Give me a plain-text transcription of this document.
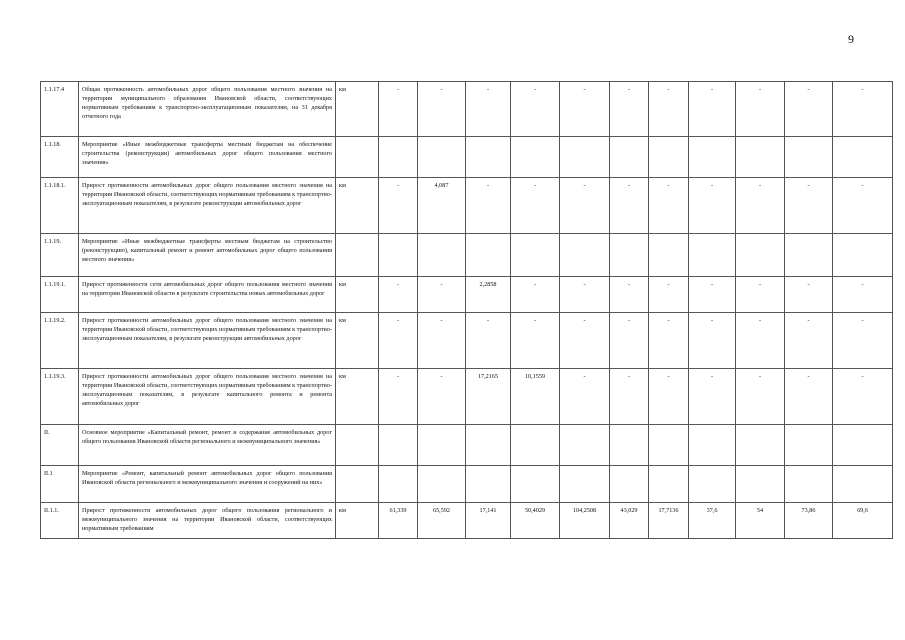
9
1.1.17.4	Общая протяженность автомобильных дорог общего пользования местного значения на территории муниципального образования Ивановской области, соответствующих нормативным требованиям к транспортно-эксплуатационным показателям, на 31 декабря отчетного года	км	-	-	-	-	-	-	-	-	-	-	-
1.1.18.	Мероприятие «Иные межбюджетные трансферты местным бюджетам на обеспечение строительства (реконструкции) автомобильных дорог общего пользования местного значения»												
1.1.18.1.	Прирост протяженности автомобильных дорог общего пользования местного значения на территории Ивановской области, соответствующих нормативным требованиям к транспортно-эксплуатационным показателям, в результате реконструкции автомобильных дорог	км	-	4,087	-	-	-	-	-	-	-	-	-
1.1.19.	Мероприятие «Иные межбюджетные трансферты местным бюджетам на строительство (реконструкцию), капитальный ремонт и ремонт автомобильных дорог общего пользования местного значения»												
1.1.19.1.	Прирост протяженности сети автомобильных дорог общего пользования местного значения на территории Ивановской области в результате строительства новых автомобильных дорог	км	-	-	2,2858	-	-	-	-	-	-	-	-
1.1.19.2.	Прирост протяженности автомобильных дорог общего пользования местного значения на территории Ивановской области, соответствующих нормативным требованиям к транспортно-эксплуатационным показателям, в результате реконструкции автомобильных дорог	км	-	-	-	-	-	-	-	-	-	-	-
1.1.19.3.	Прирост протяженности автомобильных дорог общего пользования местного значения на территории Ивановской области, соответствующих нормативным требованиям к транспортно-эксплуатационным показателям, в результате капитального ремонта и ремонта автомобильных дорог	км	-	-	17,2165	10,1559	-	-	-	-	-	-	-
II.	Основное мероприятие «Капитальный ремонт, ремонт и содержание автомобильных дорог общего пользования Ивановской области регионального и межмуниципального значения»												
II.1	Мероприятие «Ремонт, капитальный ремонт автомобильных дорог общего пользования Ивановской области регионального и межмуниципального значения и сооружений на них»												
II.1.1.	Прирост протяженности автомобильных дорог общего пользования регионального и межмуниципального значения на территории Ивановской области, соответствующих нормативным требованиям	км	61,339	65,592	17,141	50,4029	104,2508	43,029	17,7136	37,6	54	73,86	69,6
